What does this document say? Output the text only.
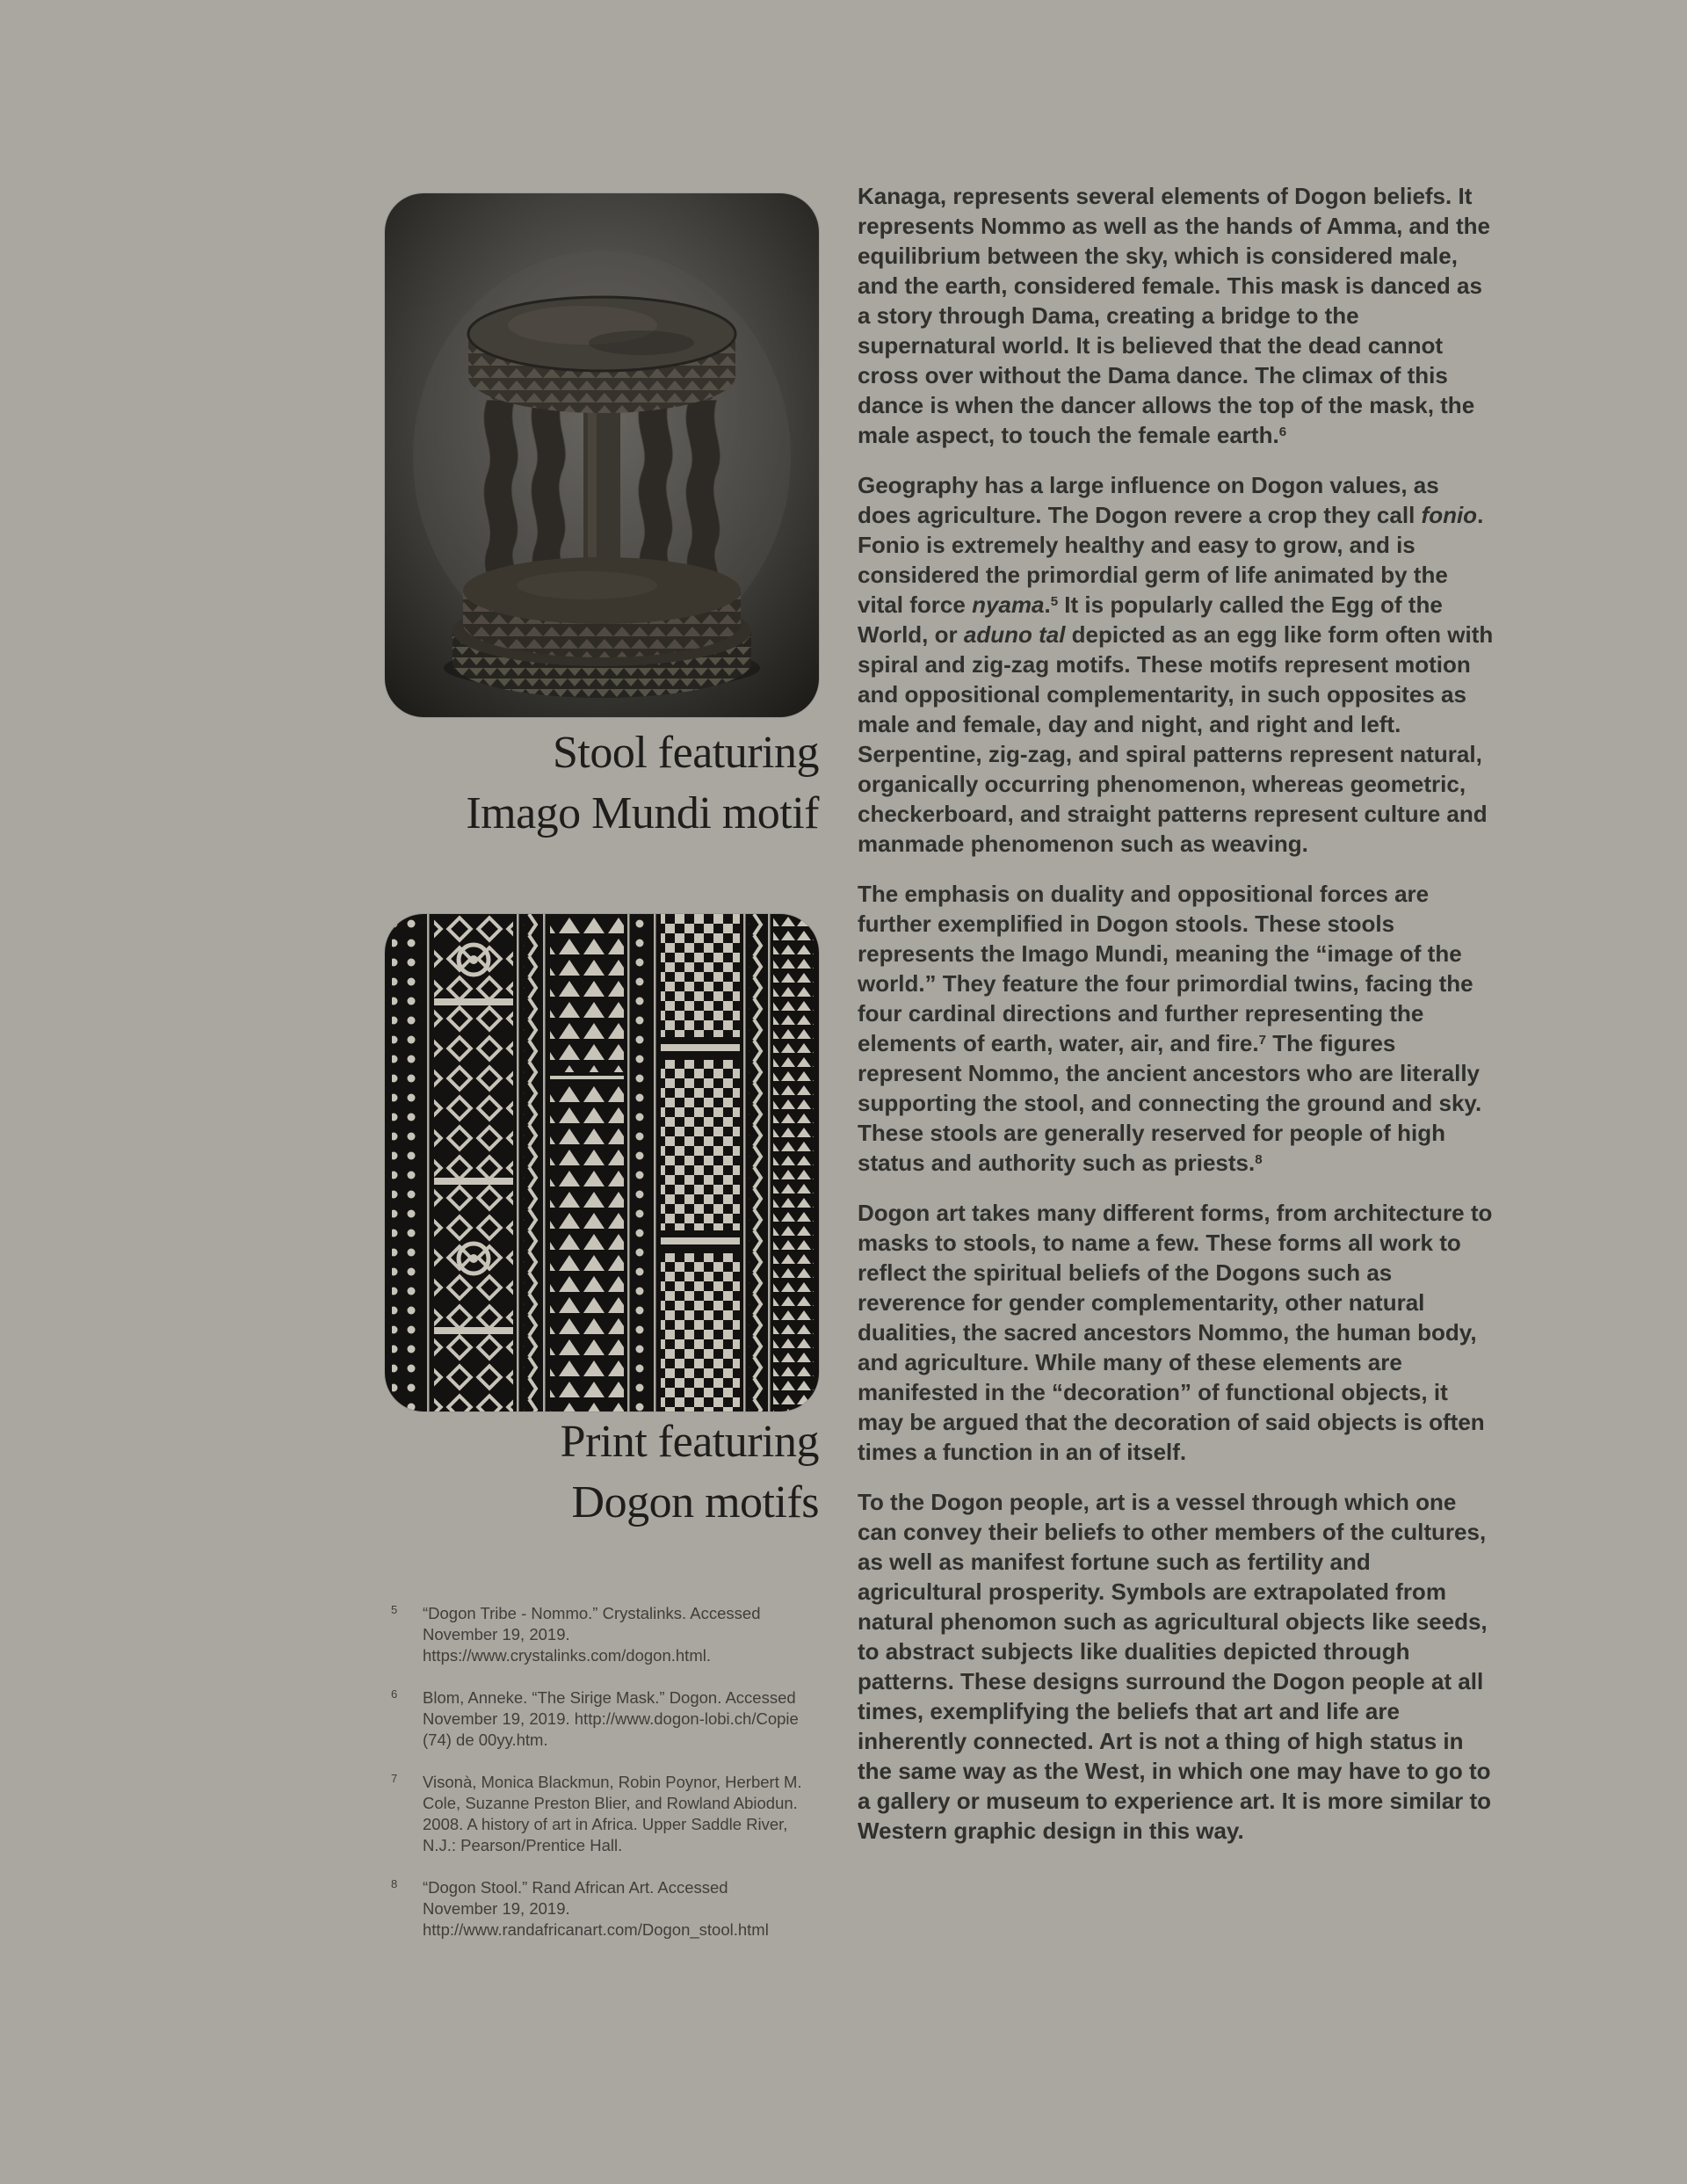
Stool featuring
Imago Mundi motif
Print featuring
Dogon motifs
5 “Dogon Tribe - Nommo.” Crystalinks. Accessed November 19, 2019. https://www.crystalinks.com/dogon.html.
6 Blom, Anneke. “The Sirige Mask.” Dogon. Accessed November 19, 2019. http://www.dogon-lobi.ch/Copie (74) de 00yy.htm.
7 Visonà, Monica Blackmun, Robin Poynor, Herbert M. Cole, Suzanne Preston Blier, and Rowland Abiodun. 2008. A history of art in Africa. Upper Saddle River, N.J.: Pearson/Prentice Hall.
8 “Dogon Stool.” Rand African Art. Accessed November 19, 2019. http://www.randafricanart.com/Dogon_stool.html

Kanaga, represents several elements of Dogon beliefs. It represents Nommo as well as the hands of Amma, and the equilibrium between the sky, which is considered male, and the earth, considered female. This mask is danced as a story through Dama, creating a bridge to the supernatural world. It is believed that the dead cannot cross over without the Dama dance. The climax of this dance is when the dancer allows the top of the mask, the male aspect, to touch the female earth.$^6$

Geography has a large influence on Dogon values, as does agriculture. The Dogon revere a crop they call fonio. Fonio is extremely healthy and easy to grow, and is considered the primordial germ of life animated by the vital force nyama.$^5$ It is popularly called the Egg of the World, or aduno tal depicted as an egg like form often with spiral and zig-zag motifs. These motifs represent motion and oppositional complementarity, in such opposites as male and female, day and night, and right and left. Serpentine, zig-zag, and spiral patterns represent natural, organically occurring phenomenon, whereas geometric, checkerboard, and straight patterns represent culture and manmade phenomenon such as weaving.

The emphasis on duality and oppositional forces are further exemplified in Dogon stools. These stools represents the Imago Mundi, meaning the “image of the world.” They feature the four primordial twins, facing the four cardinal directions and further representing the elements of earth, water, air, and fire.$^7$ The figures represent Nommo, the ancient ancestors who are literally supporting the stool, and connecting the ground and sky. These stools are generally reserved for people of high status and authority such as priests.$^8$

Dogon art takes many different forms, from architecture to masks to stools, to name a few. These forms all work to reflect the spiritual beliefs of the Dogons such as reverence for gender complementarity, other natural dualities, the sacred ancestors Nommo, the human body, and agriculture. While many of these elements are manifested in the “decoration” of functional objects, it may be argued that the decoration of said objects is often times a function in an of itself.

To the Dogon people, art is a vessel through which one can convey their beliefs to other members of the cultures, as well as manifest fortune such as fertility and agricultural prosperity. Symbols are extrapolated from natural phenomon such as agricultural objects like seeds, to abstract subjects like dualities depicted through patterns. These designs surround the Dogon people at all times, exemplifying the beliefs that art and life are inherently connected. Art is not a thing of high status in the same way as the West, in which one may have to go to a gallery or museum to experience art. It is more similar to Western graphic design in this way.
